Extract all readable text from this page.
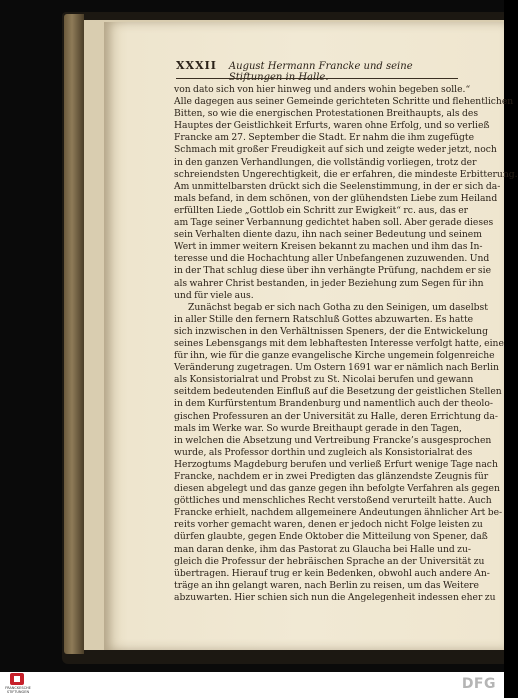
XXXII August Hermann Francke und seine
von dato sich von hier hinweg und anders wohin begeben solle.“
Alle dagegen aus seiner Gemeinde gerichteten Schritte und flehentlichen
Bitten, so wie die energischen Protestationen Breithaupts, als des
Hauptes der Geistlichkeit Erfurts, waren ohne Erfolg, und so verließ
Francke am 27. September die Stadt. Er nahm die ihm zugefügte
Schmach mit großer Freudigkeit auf sich und zeigte weder jetzt, noch
in den ganzen Verhandlungen, die vollständig vorliegen, trotz der
schreiendsten Ungerechtigkeit, die er erfahren, die mindeste Erbitterung.
Am unmittelbarsten drückt sich die Seelenstimmung, in der er sich da-
mals befand, in dem schönen, von der glühendsten Liebe zum Heiland
erfüllten Liede „Gottlob ein Schritt zur Ewigkeit“ rc. aus, das er
am Tage seiner Verbannung gedichtet haben soll. Aber gerade dieses
sein Verhalten diente dazu, ihn nach seiner Bedeutung und seinem
Wert in immer weitern Kreisen bekannt zu machen und ihm das In-
teresse und die Hochachtung aller Unbefangenen zuzuwenden. Und
in der That schlug diese über ihn verhängte Prüfung, nachdem er sie
als wahrer Christ bestanden, in jeder Beziehung zum Segen für ihn
und für viele aus.
Zunächst begab er sich nach Gotha zu den Seinigen, um daselbst
in aller Stille den fernern Ratschluß Gottes abzuwarten. Es hatte
sich inzwischen in den Verhältnissen Speners, der die Entwickelung
seines Lebensgangs mit dem lebhaftesten Interesse verfolgt hatte, eine
für ihn, wie für die ganze evangelische Kirche ungemein folgenreiche
Veränderung zugetragen. Um Ostern 1691 war er nämlich nach Berlin
als Konsistorialrat und Probst zu St. Nicolai berufen und gewann
seitdem bedeutenden Einfluß auf die Besetzung der geistlichen Stellen
in dem Kurfürstentum Brandenburg und namentlich auch der theolo-
gischen Professuren an der Universität zu Halle, deren Errichtung da-
mals im Werke war. So wurde Breithaupt gerade in den Tagen,
in welchen die Absetzung und Vertreibung Francke’s ausgesprochen
wurde, als Professor dorthin und zugleich als Konsistorialrat des
Herzogtums Magdeburg berufen und verließ Erfurt wenige Tage nach
Francke, nachdem er in zwei Predigten das glänzendste Zeugnis für
diesen abgelegt und das ganze gegen ihn befolgte Verfahren als gegen
göttliches und menschliches Recht verstoßend verurteilt hatte. Auch
Francke erhielt, nachdem allgemeinere Andeutungen ähnlicher Art be-
reits vorher gemacht waren, denen er jedoch nicht Folge leisten zu
dürfen glaubte, gegen Ende Oktober die Mitteilung von Spener, daß
man daran denke, ihm das Pastorat zu Glaucha bei Halle und zu-
gleich die Professur der hebräischen Sprache an der Universität zu
übertragen. Hierauf trug er kein Bedenken, obwohl auch andere An-
träge an ihn gelangt waren, nach Berlin zu reisen, um das Weitere
abzuwarten. Hier schien sich nun die Angelegenheit indessen eher zu
FRANCKESCHE STIFTUNGEN	DFG
